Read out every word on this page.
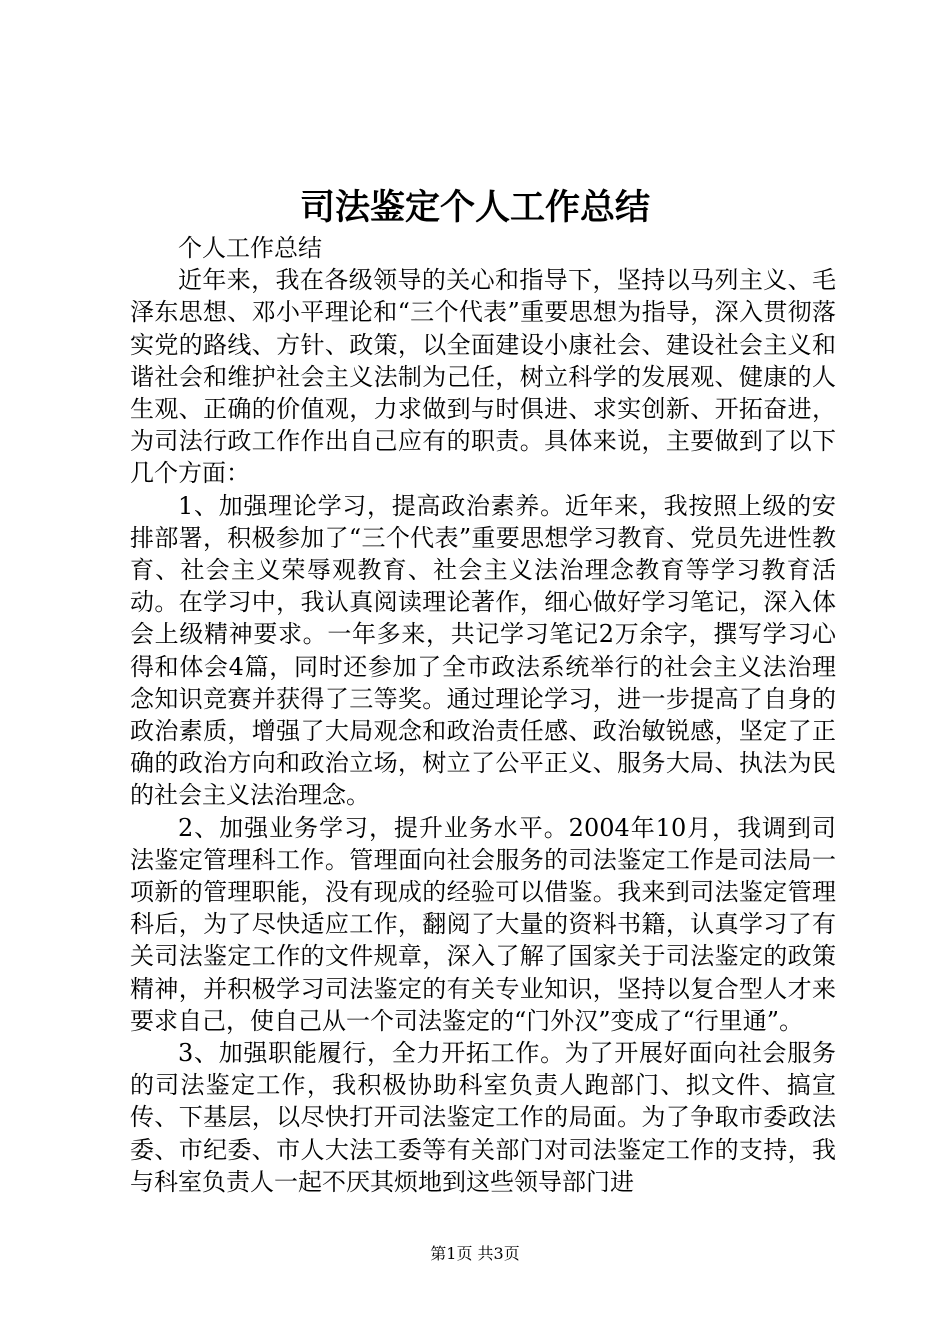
司法鉴定个人工作总结

个人工作总结

近年来，我在各级领导的关心和指导下，坚持以马列主义、毛泽东思想、邓小平理论和“三个代表”重要思想为指导，深入贯彻落实党的路线、方针、政策，以全面建设小康社会、建设社会主义和谐社会和维护社会主义法制为己任，树立科学的发展观、健康的人生观、正确的价值观，力求做到与时俱进、求实创新、开拓奋进，为司法行政工作作出自己应有的职责。具体来说，主要做到了以下几个方面：

1、加强理论学习，提高政治素养。近年来，我按照上级的安排部署，积极参加了“三个代表”重要思想学习教育、党员先进性教育、社会主义荣辱观教育、社会主义法治理念教育等学习教育活动。在学习中，我认真阅读理论著作，细心做好学习笔记，深入体会上级精神要求。一年多来，共记学习笔记2万余字，撰写学习心得和体会4篇，同时还参加了全市政法系统举行的社会主义法治理念知识竞赛并获得了三等奖。通过理论学习，进一步提高了自身的政治素质，增强了大局观念和政治责任感、政治敏锐感，坚定了正确的政治方向和政治立场，树立了公平正义、服务大局、执法为民的社会主义法治理念。

2、加强业务学习，提升业务水平。2004年10月，我调到司法鉴定管理科工作。管理面向社会服务的司法鉴定工作是司法局一项新的管理职能，没有现成的经验可以借鉴。我来到司法鉴定管理科后，为了尽快适应工作，翻阅了大量的资料书籍，认真学习了有关司法鉴定工作的文件规章，深入了解了国家关于司法鉴定的政策精神，并积极学习司法鉴定的有关专业知识，坚持以复合型人才来要求自己，使自己从一个司法鉴定的“门外汉”变成了“行里通”。

3、加强职能履行，全力开拓工作。为了开展好面向社会服务的司法鉴定工作，我积极协助科室负责人跑部门、拟文件、搞宣传、下基层，以尽快打开司法鉴定工作的局面。为了争取市委政法委、市纪委、市人大法工委等有关部门对司法鉴定工作的支持，我与科室负责人一起不厌其烦地到这些领导部门进

第1页 共3页
